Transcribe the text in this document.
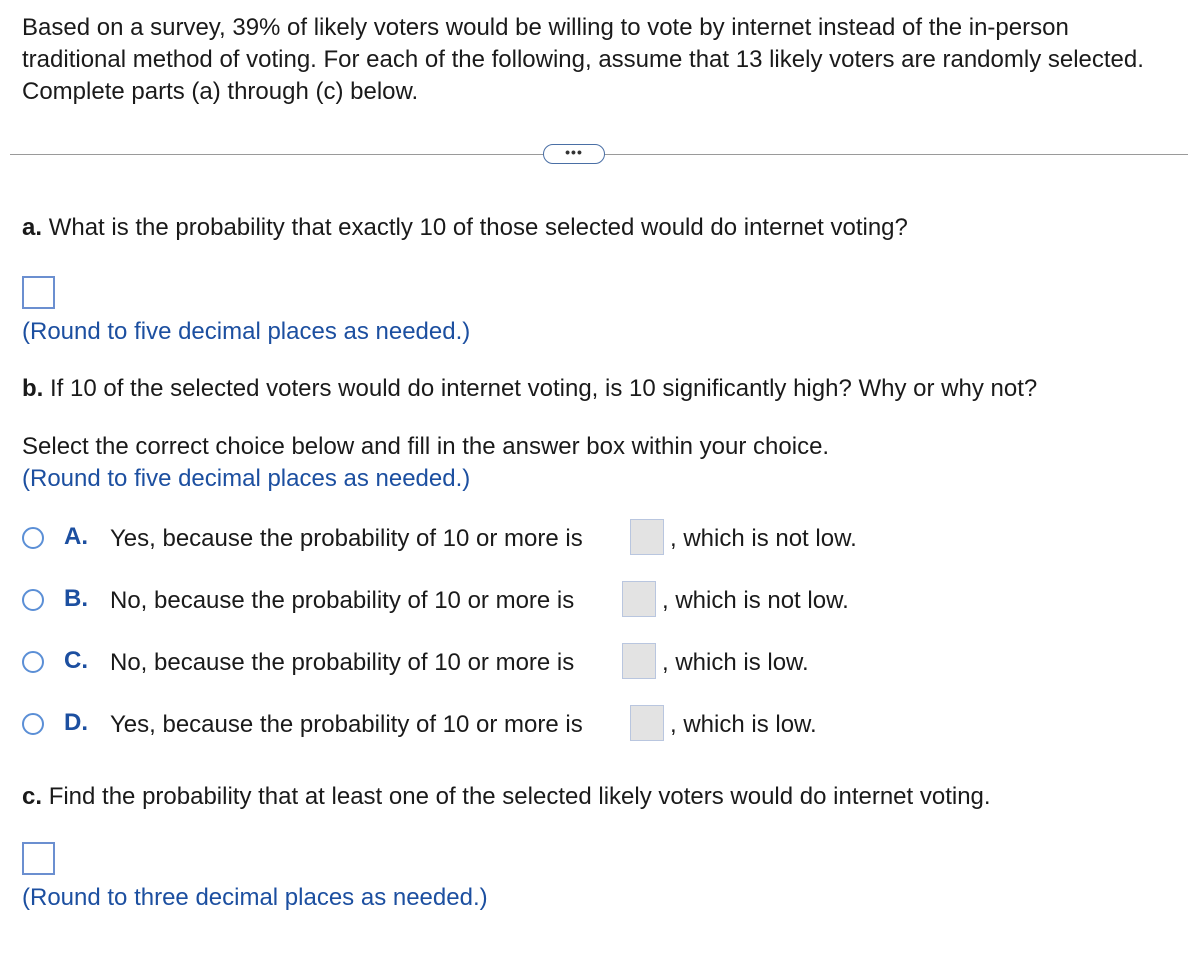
Based on a survey, 39% of likely voters would be willing to vote by internet instead of the in-person traditional method of voting. For each of the following, assume that 13 likely voters are randomly selected. Complete parts (a) through (c) below.

•••

a. What is the probability that exactly 10 of those selected would do internet voting?

(Round to five decimal places as needed.)

b. If 10 of the selected voters would do internet voting, is 10 significantly high? Why or why not?

Select the correct choice below and fill in the answer box within your choice.

(Round to five decimal places as needed.)

A. Yes, because the probability of 10 or more is	, which is not low.
B. No, because the probability of 10 or more is	, which is not low.
C. No, because the probability of 10 or more is	, which is low.
D. Yes, because the probability of 10 or more is	, which is low.

c. Find the probability that at least one of the selected likely voters would do internet voting.

(Round to three decimal places as needed.)
